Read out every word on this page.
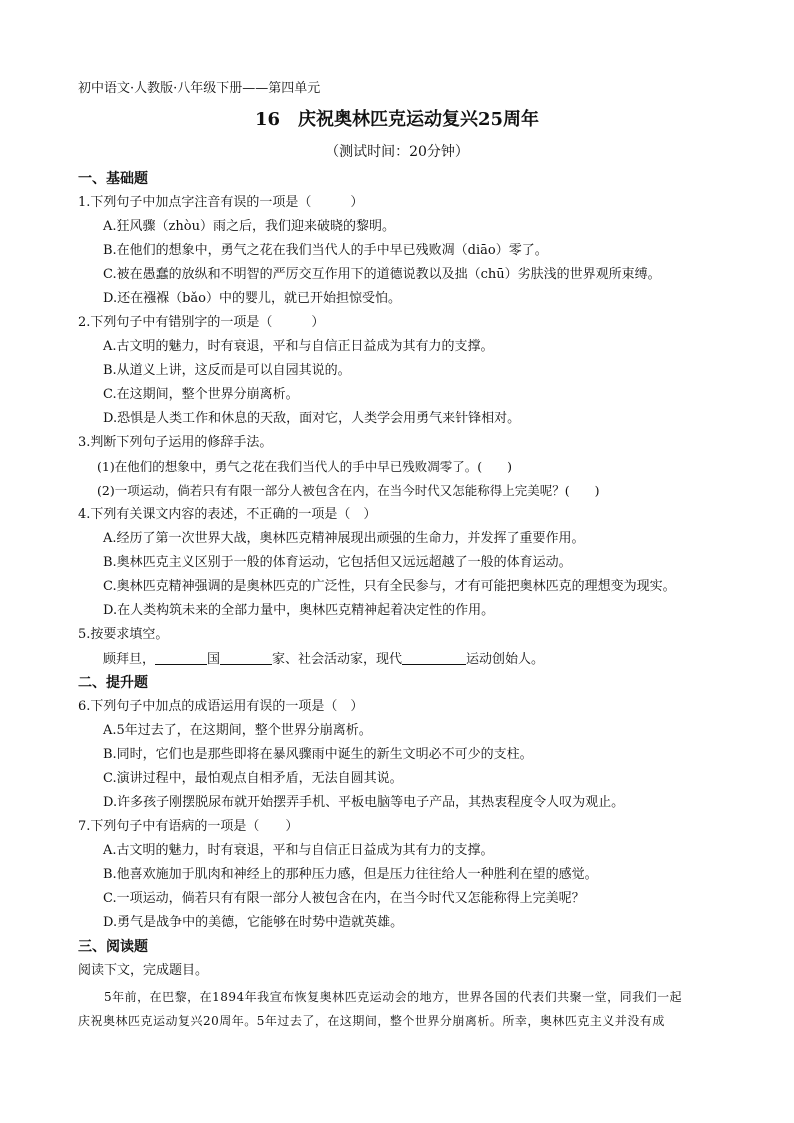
初中语文·人教版·八年级下册——第四单元
16　庆祝奥林匹克运动复兴25周年
（测试时间：20分钟）
一、基础题
1.下列句子中加点字注音有误的一项是（　　　）
A.狂风骤（zhòu）雨之后，我们迎来破晓的黎明。
B.在他们的想象中，勇气之花在我们当代人的手中早已残败凋（diāo）零了。
C.被在愚蠢的放纵和不明智的严厉交互作用下的道德说教以及拙（chū）劣肤浅的世界观所束缚。
D.还在襁褓（bǎo）中的婴儿，就已开始担惊受怕。
2.下列句子中有错别字的一项是（　　　）
A.古文明的魅力，时有衰退，平和与自信正日益成为其有力的支撑。
B.从道义上讲，这反而是可以自园其说的。
C.在这期间，整个世界分崩离析。
D.恐惧是人类工作和休息的天敌，面对它，人类学会用勇气来针锋相对。
3.判断下列句子运用的修辞手法。
(1)在他们的想象中，勇气之花在我们当代人的手中早已残败凋零了。(　　)
(2)一项运动，倘若只有有限一部分人被包含在内，在当今时代又怎能称得上完美呢？(　　)
4.下列有关课文内容的表述，不正确的一项是（　）
A.经历了第一次世界大战，奥林匹克精神展现出顽强的生命力，并发挥了重要作用。
B.奥林匹克主义区别于一般的体育运动，它包括但又远远超越了一般的体育运动。
C.奥林匹克精神强调的是奥林匹克的广泛性，只有全民参与，才有可能把奥林匹克的理想变为现实。
D.在人类构筑未来的全部力量中，奥林匹克精神起着决定性的作用。
5.按要求填空。
顾拜旦，	国	家、社会活动家，现代	运动创始人。
二、提升题
6.下列句子中加点的成语运用有误的一项是（　）
A.5年过去了，在这期间，整个世界分崩离析。
B.同时，它们也是那些即将在暴风骤雨中诞生的新生文明必不可少的支柱。
C.演讲过程中，最怕观点自相矛盾，无法自圆其说。
D.许多孩子刚摆脱尿布就开始摆弄手机、平板电脑等电子产品，其热衷程度令人叹为观止。
7.下列句子中有语病的一项是（　　）
A.古文明的魅力，时有衰退，平和与自信正日益成为其有力的支撑。
B.他喜欢施加于肌肉和神经上的那种压力感，但是压力往往给人一种胜利在望的感觉。
C.一项运动，倘若只有有限一部分人被包含在内，在当今时代又怎能称得上完美呢？
D.勇气是战争中的美德，它能够在时势中造就英雄。
三、阅读题
阅读下文，完成题目。
5年前，在巴黎，在1894年我宣布恢复奥林匹克运动会的地方，世界各国的代表们共聚一堂，同我们一起
庆祝奥林匹克运动复兴20周年。5年过去了，在这期间，整个世界分崩离析。所幸，奥林匹克主义并没有成
